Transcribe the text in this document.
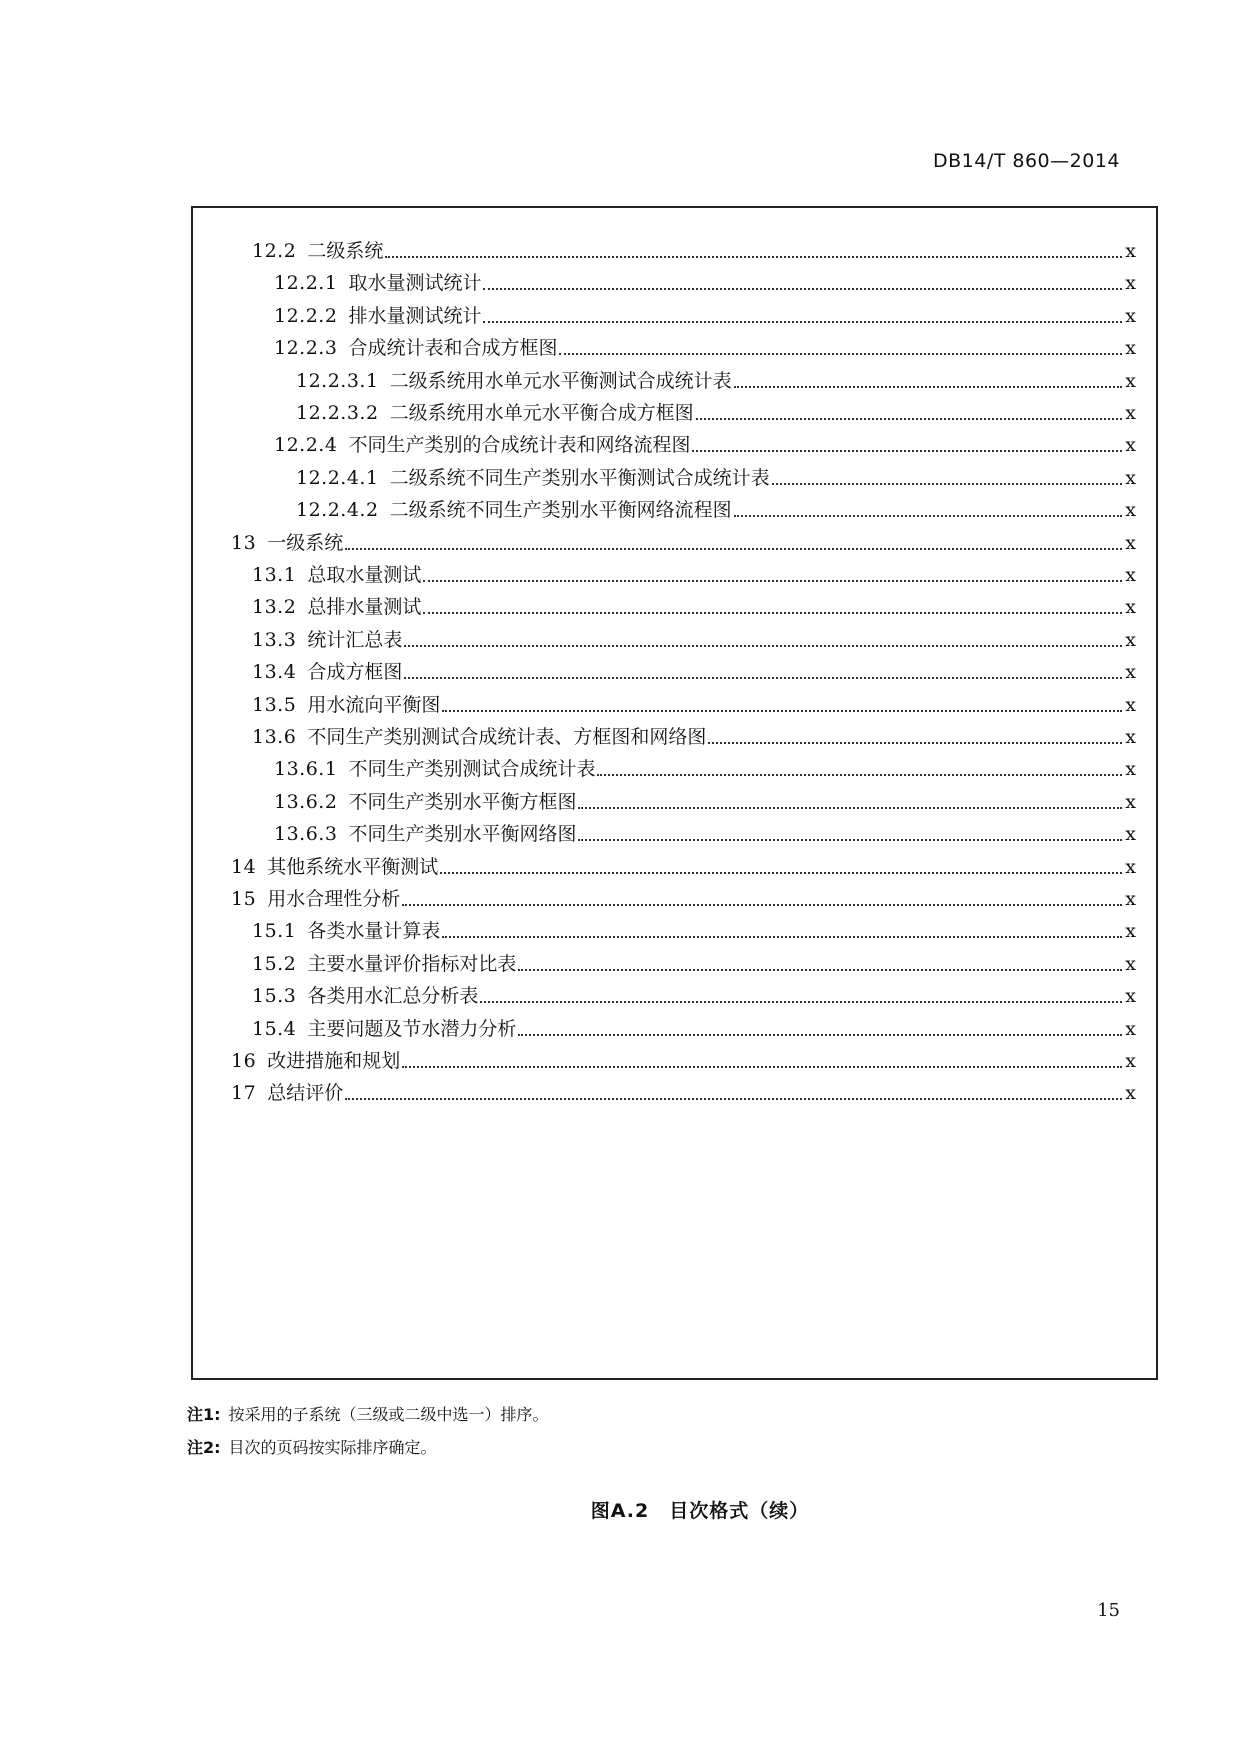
DB14/T 860—2014
12.2 二级系统	x
12.2.1 取水量测试统计	x
12.2.2 排水量测试统计	x
12.2.3 合成统计表和合成方框图	x
12.2.3.1 二级系统用水单元水平衡测试合成统计表	x
12.2.3.2 二级系统用水单元水平衡合成方框图	x
12.2.4 不同生产类别的合成统计表和网络流程图	x
12.2.4.1 二级系统不同生产类别水平衡测试合成统计表	x
12.2.4.2 二级系统不同生产类别水平衡网络流程图	x
13 一级系统	x
13.1 总取水量测试	x
13.2 总排水量测试	x
13.3 统计汇总表	x
13.4 合成方框图	x
13.5 用水流向平衡图	x
13.6 不同生产类别测试合成统计表、方框图和网络图	x
13.6.1 不同生产类别测试合成统计表	x
13.6.2 不同生产类别水平衡方框图	x
13.6.3 不同生产类别水平衡网络图	x
14 其他系统水平衡测试	x
15 用水合理性分析	x
15.1 各类水量计算表	x
15.2 主要水量评价指标对比表	x
15.3 各类用水汇总分析表	x
15.4 主要问题及节水潜力分析	x
16 改进措施和规划	x
17 总结评价	x
注1: 按采用的子系统（三级或二级中选一）排序。
注2: 目次的页码按实际排序确定。
图A.2　目次格式（续）
15
